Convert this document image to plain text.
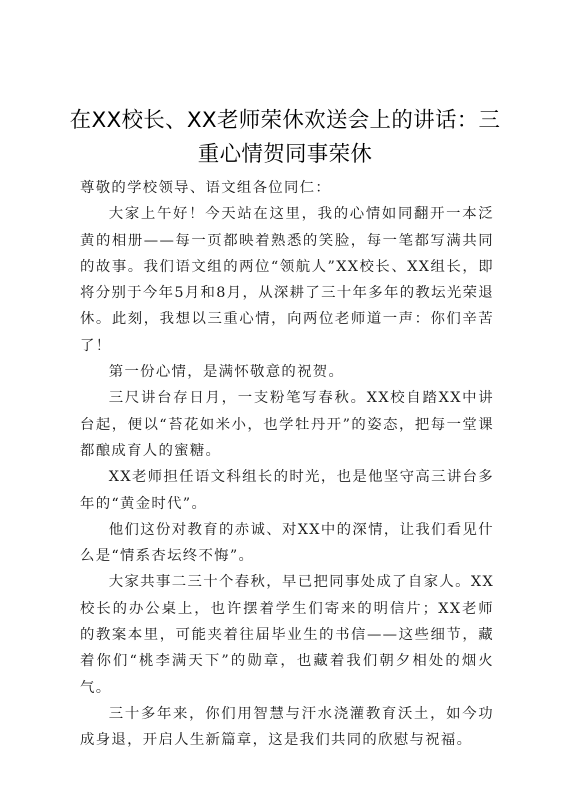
在XX校长、XX老师荣休欢送会上的讲话：三重心情贺同事荣休

尊敬的学校领导、语文组各位同仁：

大家上午好！今天站在这里，我的心情如同翻开一本泛黄的相册——每一页都映着熟悉的笑脸，每一笔都写满共同的故事。我们语文组的两位“领航人”XX校长、XX组长，即将分别于今年5月和8月，从深耕了三十年多年的教坛光荣退休。此刻，我想以三重心情，向两位老师道一声：你们辛苦了！

第一份心情，是满怀敬意的祝贺。

三尺讲台存日月，一支粉笔写春秋。XX校自踏XX中讲台起，便以“苔花如米小，也学牡丹开”的姿态，把每一堂课都酿成育人的蜜糖。

XX老师担任语文科组长的时光，也是他坚守高三讲台多年的“黄金时代”。

他们这份对教育的赤诚、对XX中的深情，让我们看见什么是“情系杏坛终不悔”。

大家共事二三十个春秋，早已把同事处成了自家人。XX校长的办公桌上，也许摆着学生们寄来的明信片；XX老师的教案本里，可能夹着往届毕业生的书信——这些细节，藏着你们“桃李满天下”的勋章，也藏着我们朝夕相处的烟火气。

三十多年来，你们用智慧与汗水浇灌教育沃土，如今功成身退，开启人生新篇章，这是我们共同的欣慰与祝福。
